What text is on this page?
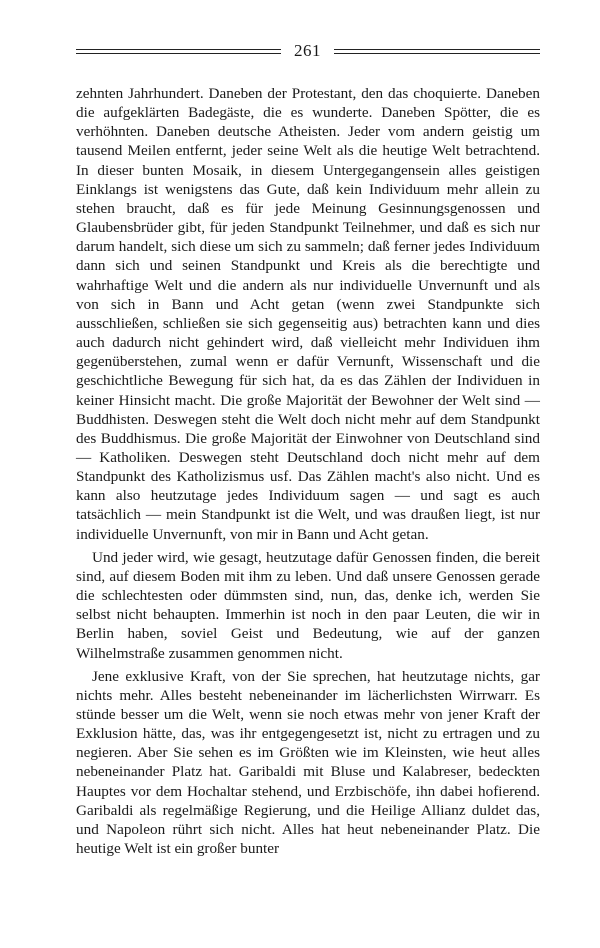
261

zehnten Jahrhundert. Daneben der Protestant, den das choquierte. Daneben die aufgeklärten Badegäste, die es wunderte. Daneben Spötter, die es verhöhnten. Daneben deutsche Atheisten. Jeder vom andern geistig um tausend Meilen entfernt, jeder seine Welt als die heutige Welt betrachtend. In dieser bunten Mosaik, in diesem Untergegangensein alles geistigen Einklangs ist wenigstens das Gute, daß kein Individuum mehr allein zu stehen braucht, daß es für jede Meinung Gesinnungsgenossen und Glaubensbrüder gibt, für jeden Standpunkt Teilnehmer, und daß es sich nur darum handelt, sich diese um sich zu sammeln; daß ferner jedes Individuum dann sich und seinen Standpunkt und Kreis als die berechtigte und wahrhaftige Welt und die andern als nur individuelle Unvernunft und als von sich in Bann und Acht getan (wenn zwei Standpunkte sich ausschließen, schließen sie sich gegenseitig aus) betrachten kann und dies auch dadurch nicht gehindert wird, daß vielleicht mehr Individuen ihm gegenüberstehen, zumal wenn er dafür Vernunft, Wissenschaft und die geschichtliche Bewegung für sich hat, da es das Zählen der Individuen in keiner Hinsicht macht. Die große Majorität der Bewohner der Welt sind — Buddhisten. Deswegen steht die Welt doch nicht mehr auf dem Standpunkt des Buddhismus. Die große Majorität der Einwohner von Deutschland sind — Katholiken. Deswegen steht Deutschland doch nicht mehr auf dem Standpunkt des Katholizismus usf. Das Zählen macht's also nicht. Und es kann also heutzutage jedes Individuum sagen — und sagt es auch tatsächlich — mein Standpunkt ist die Welt, und was draußen liegt, ist nur individuelle Unvernunft, von mir in Bann und Acht getan.

Und jeder wird, wie gesagt, heutzutage dafür Genossen finden, die bereit sind, auf diesem Boden mit ihm zu leben. Und daß unsere Genossen gerade die schlechtesten oder dümmsten sind, nun, das, denke ich, werden Sie selbst nicht behaupten. Immerhin ist noch in den paar Leuten, die wir in Berlin haben, soviel Geist und Bedeutung, wie auf der ganzen Wilhelmstraße zusammen genommen nicht.

Jene exklusive Kraft, von der Sie sprechen, hat heutzutage nichts, gar nichts mehr. Alles besteht nebeneinander im lächerlichsten Wirrwarr. Es stünde besser um die Welt, wenn sie noch etwas mehr von jener Kraft der Exklusion hätte, das, was ihr entgegengesetzt ist, nicht zu ertragen und zu negieren. Aber Sie sehen es im Größten wie im Kleinsten, wie heut alles nebeneinander Platz hat. Garibaldi mit Bluse und Kalabreser, bedeckten Hauptes vor dem Hochaltar stehend, und Erzbischöfe, ihn dabei hofierend. Garibaldi als regelmäßige Regierung, und die Heilige Allianz duldet das, und Napoleon rührt sich nicht. Alles hat heut nebeneinander Platz. Die heutige Welt ist ein großer bunter
